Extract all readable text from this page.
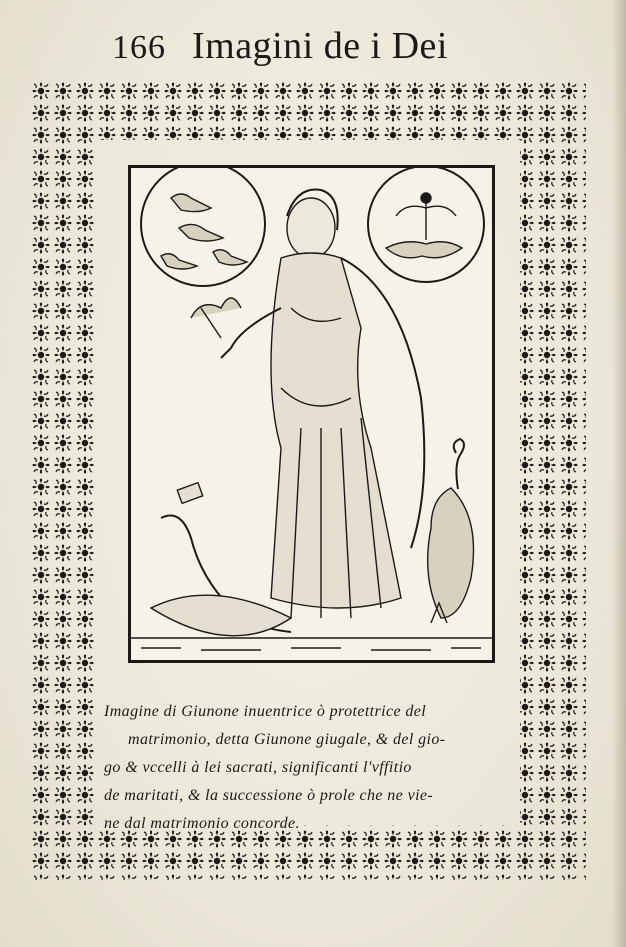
166 Imagini de i Dei
Imagine di Giunone inuentrice ò protettrice del
matrimonio, detta Giunone giugale, & del gio-
go & vccelli à lei sacrati, significanti l'vffitio
de maritati, & la successione ò prole che ne vie-
ne dal matrimonio concorde.
